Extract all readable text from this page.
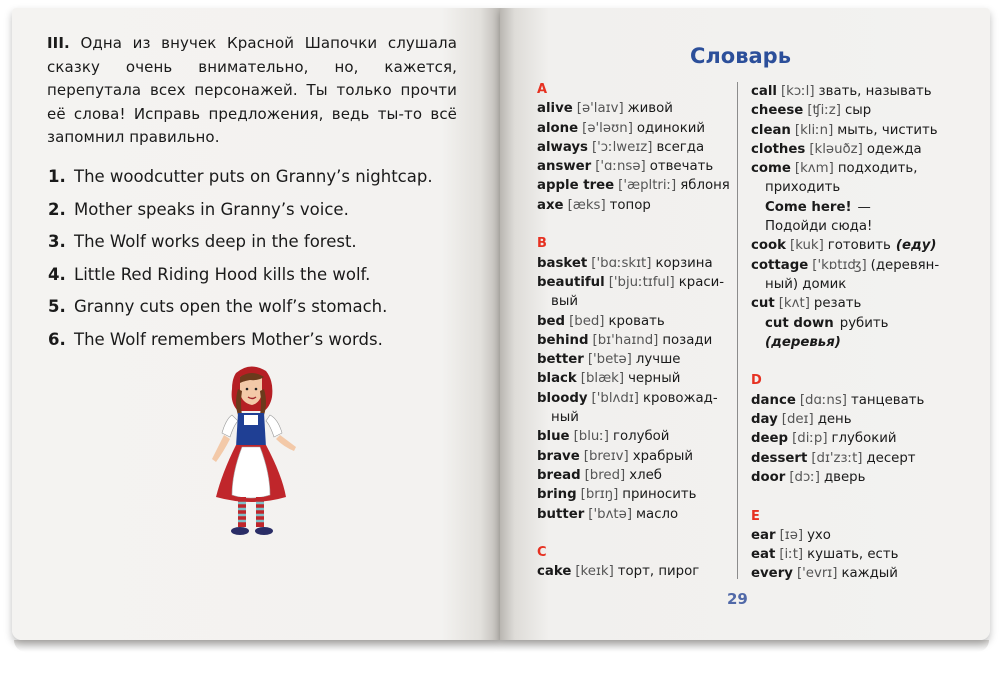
III. Одна из внучек Красной Шапочки слушала сказку очень внимательно, но, кажется, перепутала всех персонажей. Ты только прочти её слова! Исправь предложения, ведь ты-то всё запомнил правильно.
1. The woodcutter puts on Granny’s nightcap.
2. Mother speaks in Granny’s voice.
3. The Wolf works deep in the forest.
4. Little Red Riding Hood kills the wolf.
5. Granny cuts open the wolf’s stomach.
6. The Wolf remembers Mother’s words.
Словарь
A
alive [ə'laɪv] живой
alone [ə'ləʊn] одинокий
always ['ɔːlweɪz] всегда
answer ['ɑːnsə] отвечать
apple tree ['æpltriː] яблоня
axe [æks] топор
B
basket ['bɑːskɪt] корзина
beautiful ['bjuːtɪful] краси-
вый
bed [bed] кровать
behind [bɪ'haɪnd] позади
better ['betə] лучше
black [blæk] черный
bloody ['blʌdɪ] кровожад-
ный
blue [bluː] голубой
brave [breɪv] храбрый
bread [bred] хлеб
bring [brɪŋ] приносить
butter ['bʌtə] масло
C
cake [keɪk] торт, пирог
call [kɔːl] звать, называть
cheese [ʧiːz] сыр
clean [kliːn] мыть, чистить
clothes [kləuðz] одежда
come [kʌm] подходить,
приходить
Come here! —
Подойди сюда!
cook [kuk] готовить (еду)
cottage ['kɒtɪʤ] (деревян-
ный) домик
cut [kʌt] резать
cut down рубить
(деревья)
D
dance [dɑːns] танцевать
day [deɪ] день
deep [diːp] глубокий
dessert [dɪ'zɜːt] десерт
door [dɔː] дверь
E
ear [ɪə] ухо
eat [iːt] кушать, есть
every ['evrɪ] каждый
29
